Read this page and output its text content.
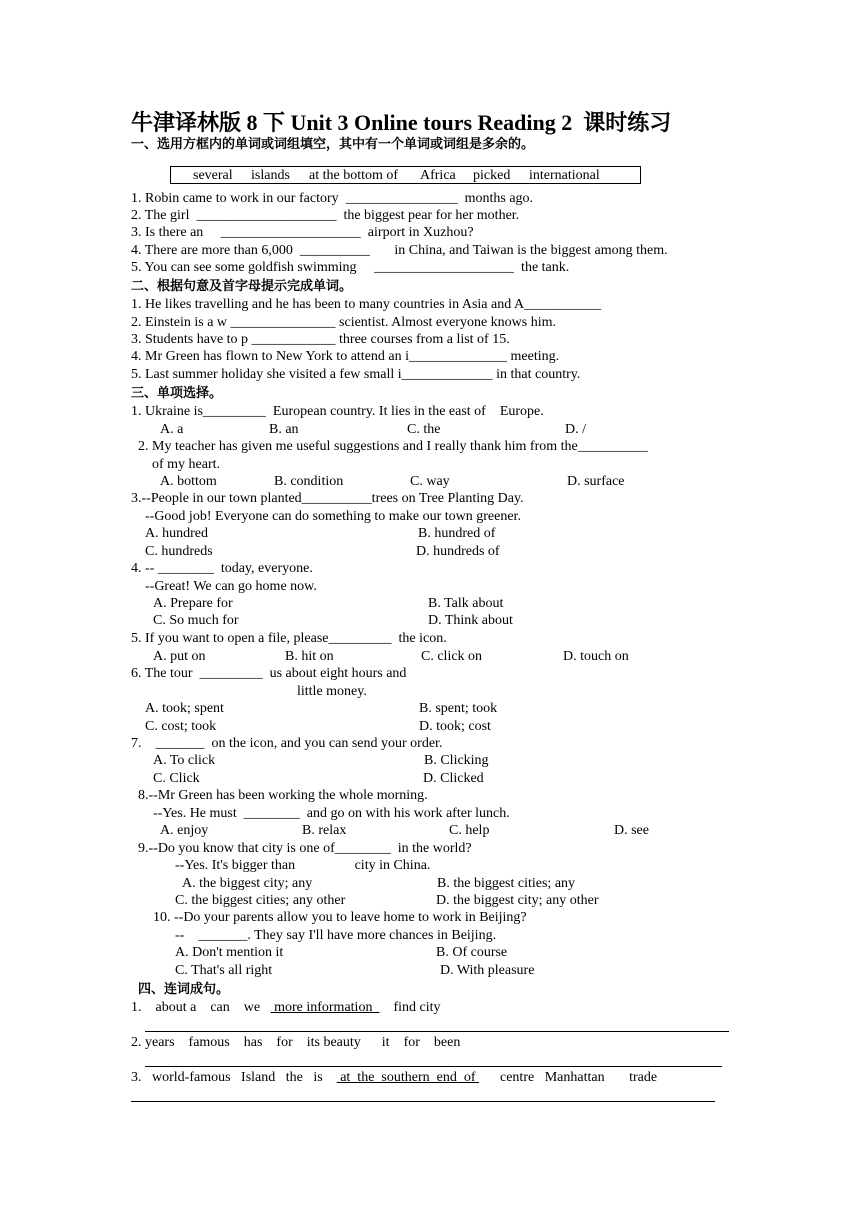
牛津译林版 8 下 Unit 3 Online tours Reading 2  课时练习
一、选用方框内的单词或词组填空，其中有一个单词或词组是多余的。
several islands at the bottom of Africa picked international
1. Robin came to work in our factory  ________________  months ago.
2. The girl  ____________________  the biggest pear for her mother.
3. Is there an     ____________________  airport in Xuzhou?
4. There are more than 6,000  __________       in China, and Taiwan is the biggest among them.
5. You can see some goldfish swimming     ____________________  the tank.
二、根据句意及首字母提示完成单词。
1. He likes travelling and he has been to many countries in Asia and A___________
2. Einstein is a w _______________ scientist. Almost everyone knows him.
3. Students have to p ____________ three courses from a list of 15.
4. Mr Green has flown to New York to attend an i______________ meeting.
5. Last summer holiday she visited a few small i_____________ in that country.
三、单项选择。
1. Ukraine is_________  European country. It lies in the east of    Europe.
A. a	B. an	C. the	D. /
2. My teacher has given me useful suggestions and I really thank him from the__________
of my heart.
A. bottom	B. condition	C. way	D. surface
3.--People in our town planted__________trees on Tree Planting Day.
--Good job! Everyone can do something to make our town greener.
A. hundred	B. hundred of
C. hundreds	D. hundreds of
4. -- ________  today, everyone.
--Great! We can go home now.
A. Prepare for	B. Talk about
C. So much for	D. Think about
5. If you want to open a file, please_________  the icon.
A. put on	B. hit on	C. click on	D. touch on
6. The tour  _________  us about eight hours and
little money.
A. took; spent	B. spent; took
C. cost; took	D. took; cost
7.    _______  on the icon, and you can send your order.
A. To click	B. Clicking
C. Click	D. Clicked
8.--Mr Green has been working the whole morning.
--Yes. He must  ________  and go on with his work after lunch.
A. enjoy	B. relax	C. help	D. see
9.--Do you know that city is one of________  in the world?
--Yes. It's bigger than                 city in China.
A. the biggest city; any	B. the biggest cities; any
C. the biggest cities; any other	D. the biggest city; any other
10. --Do your parents allow you to leave home to work in Beijing?
--    _______. They say I'll have more chances in Beijing.
A. Don't mention it	B. Of course
C. That's all right	D. With pleasure
四、连词成句。
1.    about a    can    we    more information      find city
2. years    famous    has    for    its beauty      it    for    been
3.   world-famous   Island   the   is     at  the  southern  end  of       centre   Manhattan       trade
